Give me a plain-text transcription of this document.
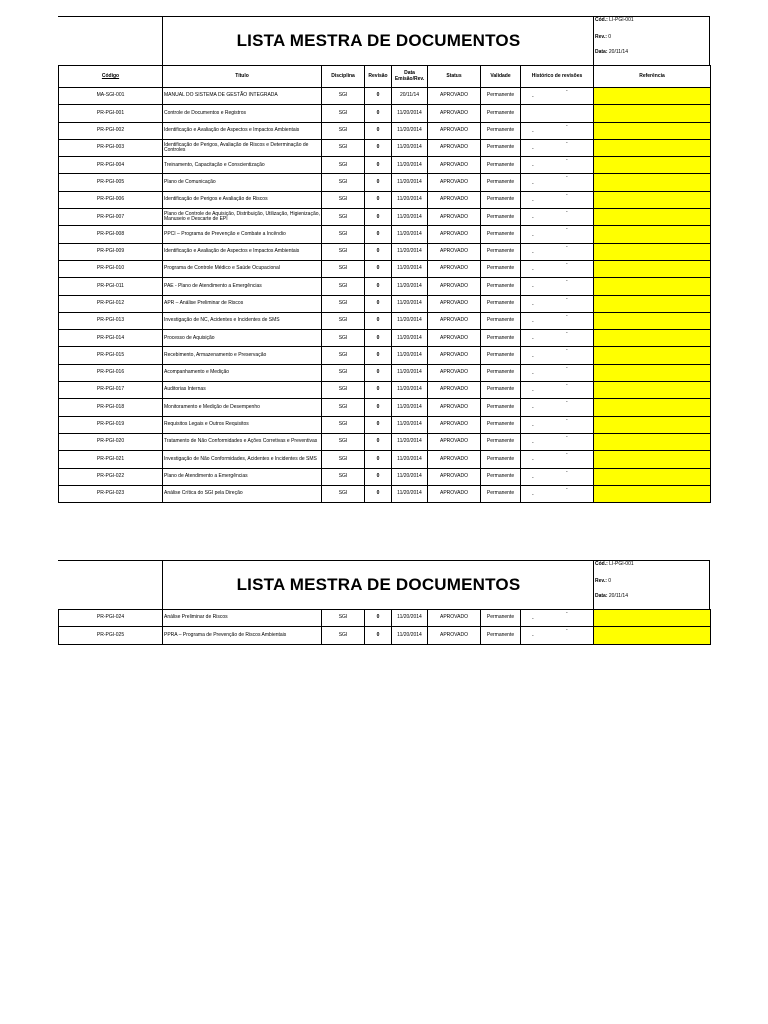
LISTA MESTRA DE DOCUMENTOS
Cód.: LI-PGI-001
Rev.: 0
Data: 20/11/14
Código	Título	Disciplina	Revisão	Data Emisão/Rev.	Status	Validade	Histórico de revisões	Referência
MA-SGI-001	MANUAL DO SISTEMA DE GESTÃO INTEGRADA	SGI	0	20/11/14	APROVADO	Permanente	-
-	

PR-PGI-001	Controle de Documentos e Registros	SGI	0	11/20/2014	APROVADO	Permanente	

PR-PGI-002	Identificação e Avaliação de Aspectos e Impactos Ambientais	SGI	0	11/20/2014	APROVADO	Permanente	-
-	

PR-PGI-003	Identificação de Perigos, Avaliação de Riscos e Determinação de Controles	SGI	0	11/20/2014	APROVADO	Permanente	-
-	

PR-PGI-004	Treinamento, Capacitação e Conscientização	SGI	0	11/20/2014	APROVADO	Permanente	-
-	

PR-PGI-005	Plano de Comunicação	SGI	0	11/20/2014	APROVADO	Permanente	-
-	

PR-PGI-006	Identificação de Perigos e Avaliação de Riscos	SGI	0	11/20/2014	APROVADO	Permanente	-
-	

PR-PGI-007	Plano de Controle de Aquisição, Distribuição, Utilização, Higienização, Manuseio e Descarte de EPI	SGI	0	11/20/2014	APROVADO	Permanente	-
-	

PR-PGI-008	PPCI – Programa de Prevenção e Combate a Incêndio	SGI	0	11/20/2014	APROVADO	Permanente	-
-	

PR-PGI-009	Identificação e Avaliação de Aspectos e Impactos Ambientais	SGI	0	11/20/2014	APROVADO	Permanente	-
-	

PR-PGI-010	Programa de Controle Médico e Saúde Ocupacional	SGI	0	11/20/2014	APROVADO	Permanente	-
-	

PR-PGI-011	PAE - Plano de Atendimento a Emergências	SGI	0	11/20/2014	APROVADO	Permanente	-
-	

PR-PGI-012	APR – Análise Preliminar de Riscos	SGI	0	11/20/2014	APROVADO	Permanente	-
-	

PR-PGI-013	Investigação de NC, Acidentes e Incidentes de SMS	SGI	0	11/20/2014	APROVADO	Permanente	-
-	

PR-PGI-014	Processo de Aquisição	SGI	0	11/20/2014	APROVADO	Permanente	-
-	

PR-PGI-015	Recebimento, Armazenamento e Preservação	SGI	0	11/20/2014	APROVADO	Permanente	-
-	

PR-PGI-016	Acompanhamento e Medição	SGI	0	11/20/2014	APROVADO	Permanente	-
-	

PR-PGI-017	Auditorias Internas	SGI	0	11/20/2014	APROVADO	Permanente	-
-	

PR-PGI-018	Monitoramento e Medição de Desempenho	SGI	0	11/20/2014	APROVADO	Permanente	-
-	

PR-PGI-019	Requisitos Legais e Outros Requisitos	SGI	0	11/20/2014	APROVADO	Permanente	-
-	

PR-PGI-020	Tratamento de Não Conformidades e Ações Corretivas e Preventivas	SGI	0	11/20/2014	APROVADO	Permanente	-
-	

PR-PGI-021	Investigação de Não Conformidades, Acidentes e Incidentes de SMS	SGI	0	11/20/2014	APROVADO	Permanente	-
-	

PR-PGI-022	Plano de Atendimento a Emergências	SGI	0	11/20/2014	APROVADO	Permanente	-
-	

PR-PGI-023	Análise Crítica do SGI pela Direção	SGI	0	11/20/2014	APROVADO	Permanente	-
-	

LISTA MESTRA DE DOCUMENTOS
Cód.: LI-PGI-001
Rev.: 0
Data: 20/11/14
PR-PGI-024	Análise Preliminar de Riscos	SGI	0	11/20/2014	APROVADO	Permanente	-
-	

PR-PGI-025	PPRA – Programa de Prevenção de Riscos Ambientais	SGI	0	11/20/2014	APROVADO	Permanente	-
-	
